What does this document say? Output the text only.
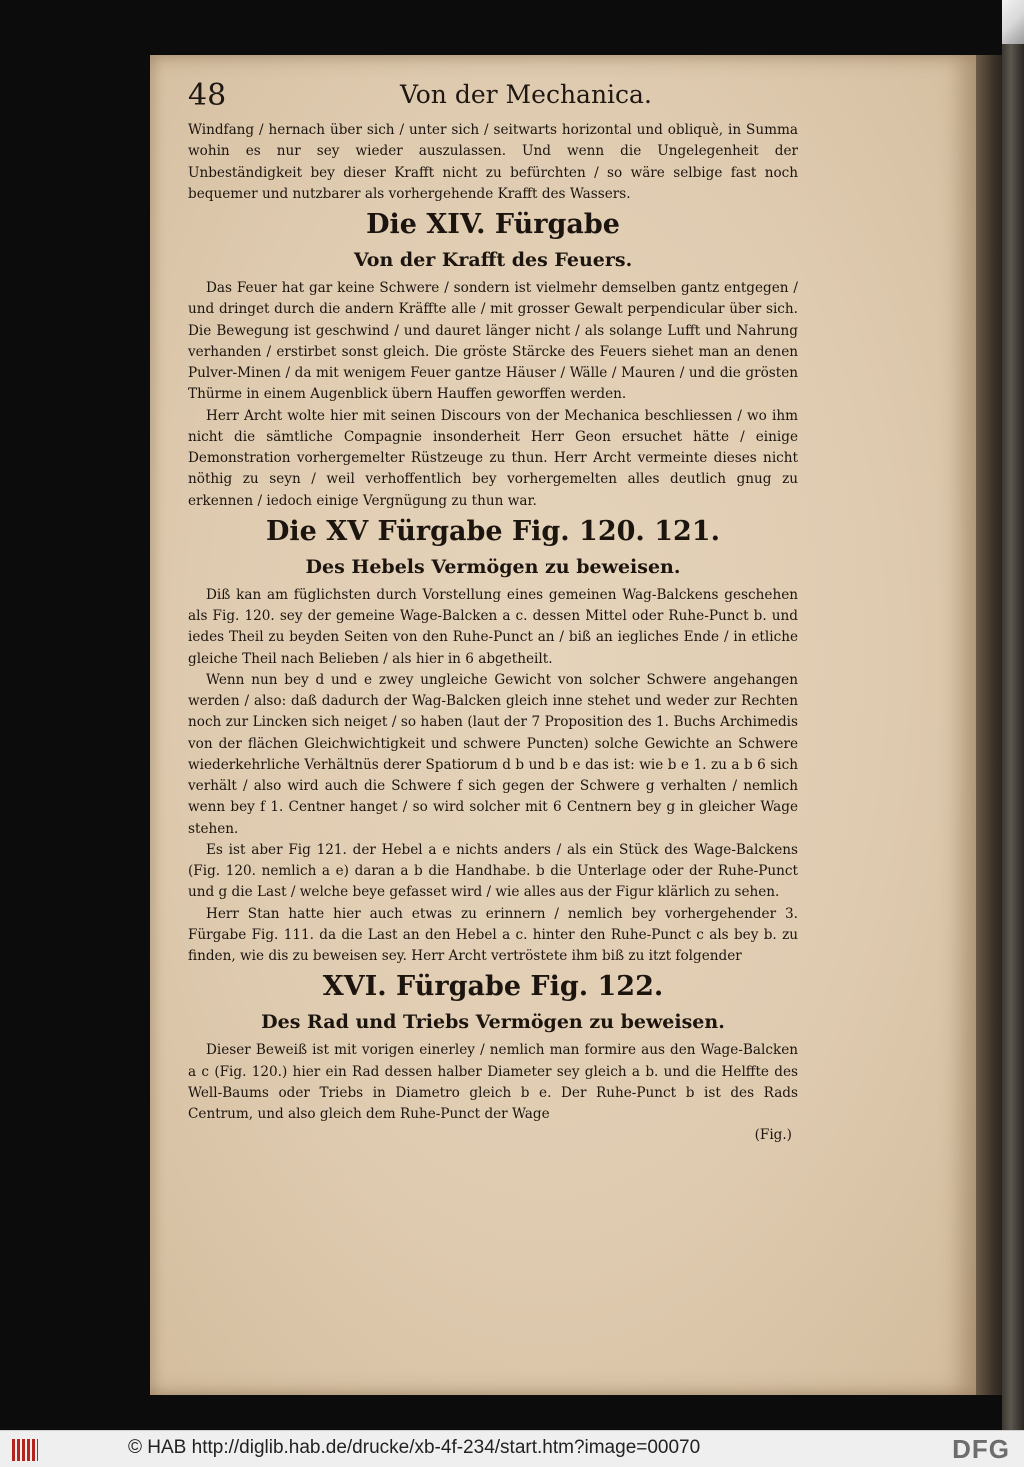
48	Von der Mechanica.

Windfang / hernach über sich / unter sich / seitwarts horizontal und obliquè, in Summa wohin es nur sey wieder auszulassen. Und wenn die Ungelegenheit der Unbeständigkeit bey dieser Krafft nicht zu befürchten / so wäre selbige fast noch bequemer und nutzbarer als vorhergehende Krafft des Wassers.

Die XIV. Fürgabe
Von der Krafft des Feuers.

Das Feuer hat gar keine Schwere / sondern ist vielmehr demselben gantz entgegen / und dringet durch die andern Kräffte alle / mit grosser Gewalt perpendicular über sich. Die Bewegung ist geschwind / und dauret länger nicht / als solange Lufft und Nahrung verhanden / erstirbet sonst gleich. Die gröste Stärcke des Feuers siehet man an denen Pulver-Minen / da mit wenigem Feuer gantze Häuser / Wälle / Mauren / und die grösten Thürme in einem Augenblick übern Hauffen geworffen werden.

Herr Archt wolte hier mit seinen Discours von der Mechanica beschliessen / wo ihm nicht die sämtliche Compagnie insonderheit Herr Geon ersuchet hätte / einige Demonstration vorhergemelter Rüstzeuge zu thun. Herr Archt vermeinte dieses nicht nöthig zu seyn / weil verhoffentlich bey vorhergemelten alles deutlich gnug zu erkennen / iedoch einige Vergnügung zu thun war.

Die XV Fürgabe Fig. 120. 121.
Des Hebels Vermögen zu beweisen.

Diß kan am füglichsten durch Vorstellung eines gemeinen Wag-Balckens geschehen als Fig. 120. sey der gemeine Wage-Balcken a c. dessen Mittel oder Ruhe-Punct b. und iedes Theil zu beyden Seiten von den Ruhe-Punct an / biß an iegliches Ende / in etliche gleiche Theil nach Belieben / als hier in 6 abgetheilt.

Wenn nun bey d und e zwey ungleiche Gewicht von solcher Schwere angehangen werden / also: daß dadurch der Wag-Balcken gleich inne stehet und weder zur Rechten noch zur Lincken sich neiget / so haben (laut der 7 Proposition des 1. Buchs Archimedis von der flächen Gleichwichtigkeit und schwere Puncten) solche Gewichte an Schwere wiederkehrliche Verhältnüs derer Spatiorum d b und b e das ist: wie b e 1. zu a b 6 sich verhält / also wird auch die Schwere f sich gegen der Schwere g verhalten / nemlich wenn bey f 1. Centner hanget / so wird solcher mit 6 Centnern bey g in gleicher Wage stehen.

Es ist aber Fig 121. der Hebel a e nichts anders / als ein Stück des Wage-Balckens (Fig. 120. nemlich a e) daran a b die Handhabe. b die Unterlage oder der Ruhe-Punct und g die Last / welche beye gefasset wird / wie alles aus der Figur klärlich zu sehen.

Herr Stan hatte hier auch etwas zu erinnern / nemlich bey vorhergehender 3. Fürgabe Fig. 111. da die Last an den Hebel a c. hinter den Ruhe-Punct c als bey b. zu finden, wie dis zu beweisen sey. Herr Archt vertröstete ihm biß zu itzt folgender

XVI. Fürgabe Fig. 122.
Des Rad und Triebs Vermögen zu beweisen.

Dieser Beweiß ist mit vorigen einerley / nemlich man formire aus den Wage-Balcken a c (Fig. 120.) hier ein Rad dessen halber Diameter sey gleich a b. und die Helffte des Well-Baums oder Triebs in Diametro gleich b e. Der Ruhe-Punct b ist des Rads Centrum, und also gleich dem Ruhe-Punct der Wage

(Fig.)
© HAB http://diglib.hab.de/drucke/xb-4f-234/start.htm?image=00070	DFG
